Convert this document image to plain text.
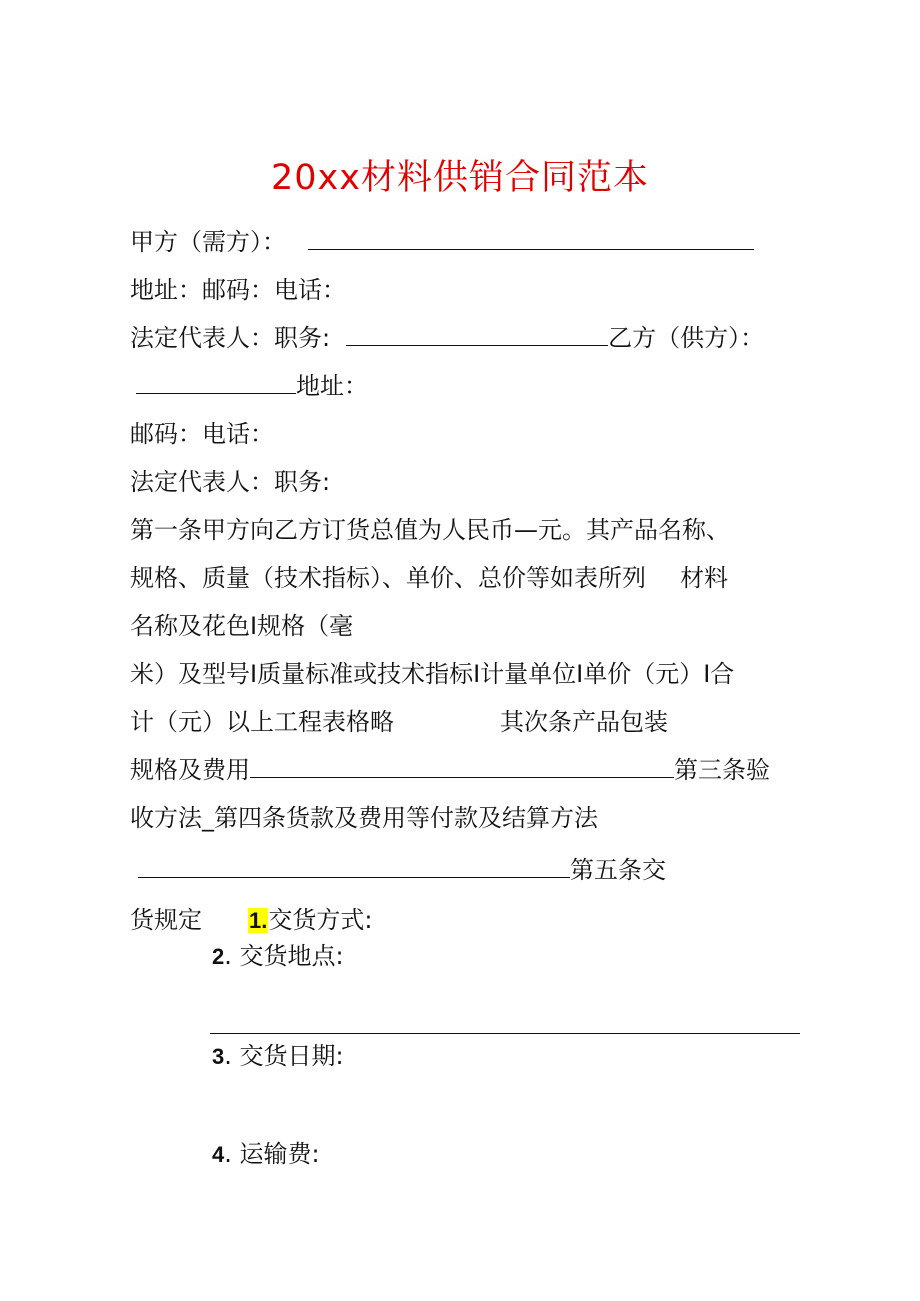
20xx材料供销合同范本
甲方（需方）：
地址：邮码：电话：
法定代表人：职务:	乙方（供方）：
地址：
邮码：电话：
法定代表人：职务:
第一条甲方向乙方订货总值为人民币—元。其产品名称、
规格、质量（技术指标）、单价、总价等如表所列 材料
名称及花色I规格（毫
米）及型号I质量标准或技术指标I计量单位I单价（元）I合
计（元）以上工程表格略	其次条产品包装
规格及费用	第三条验
收方法_第四条货款及费用等付款及结算方法
第五条交
货规定 1.交货方式:
2. 交货地点:
3. 交货日期:
4. 运输费:
